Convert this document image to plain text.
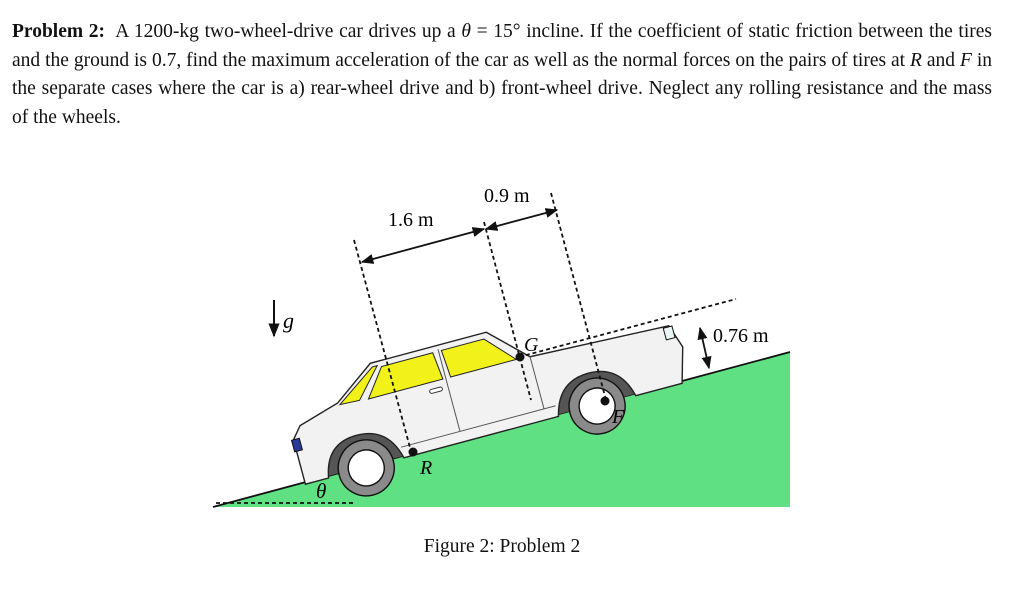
Problem 2: A 1200-kg two-wheel-drive car drives up a θ = 15° incline. If the coefficient of static friction between the tires and the ground is 0.7, find the maximum acceleration of the car as well as the normal forces on the pairs of tires at R and F in the separate cases where the car is a) rear-wheel drive and b) front-wheel drive. Neglect any rolling resistance and the mass of the wheels.
θ
g
1.6 m
0.9 m
0.76 m
G
R
F
Figure 2: Problem 2
